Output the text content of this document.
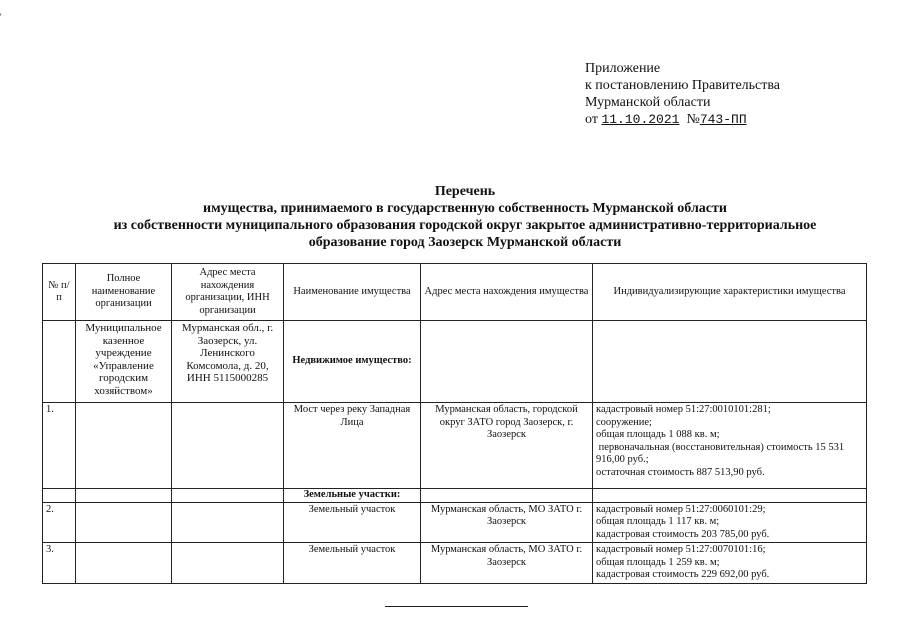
'
Приложение
к постановлению Правительства
Мурманской области
от 11.10.2021 №743-ПП
Перечень
имущества, принимаемого в государственную собственность Мурманской области
из собственности муниципального образования городской округ закрытое административно-территориальное
образование город Заозерск Мурманской области
№ п/п	Полное наименование организации	Адрес места нахождения организации, ИНН организации	Наименование имущества	Адрес места нахождения имущества	Индивидуализирующие характеристики имущества
	Муниципальное казенное учреждение «Управление городским хозяйством»	Мурманская обл., г. Заозерск, ул. Ленинского Комсомола, д. 20, ИНН 5115000285	Недвижимое имущество:		
1.			Мост через реку Западная Лица	Мурманская область, городской округ ЗАТО город Заозерск, г. Заозерск	кадастровый номер 51:27:0010101:281;
сооружение;
общая площадь 1 088 кв. м;
первоначальная (восстановительная) стоимость 15 531 916,00 руб.;
остаточная стоимость 887 513,90 руб.

			Земельные участки:		
2.			Земельный участок	Мурманская область, МО ЗАТО г. Заозерск	кадастровый номер 51:27:0060101:29;
общая площадь 1 117 кв. м;
кадастровая стоимость 203 785,00 руб.

3.			Земельный участок	Мурманская область, МО ЗАТО г. Заозерск	кадастровый номер 51:27:0070101:16;
общая площадь 1 259 кв. м;
кадастровая стоимость 229 692,00 руб.
